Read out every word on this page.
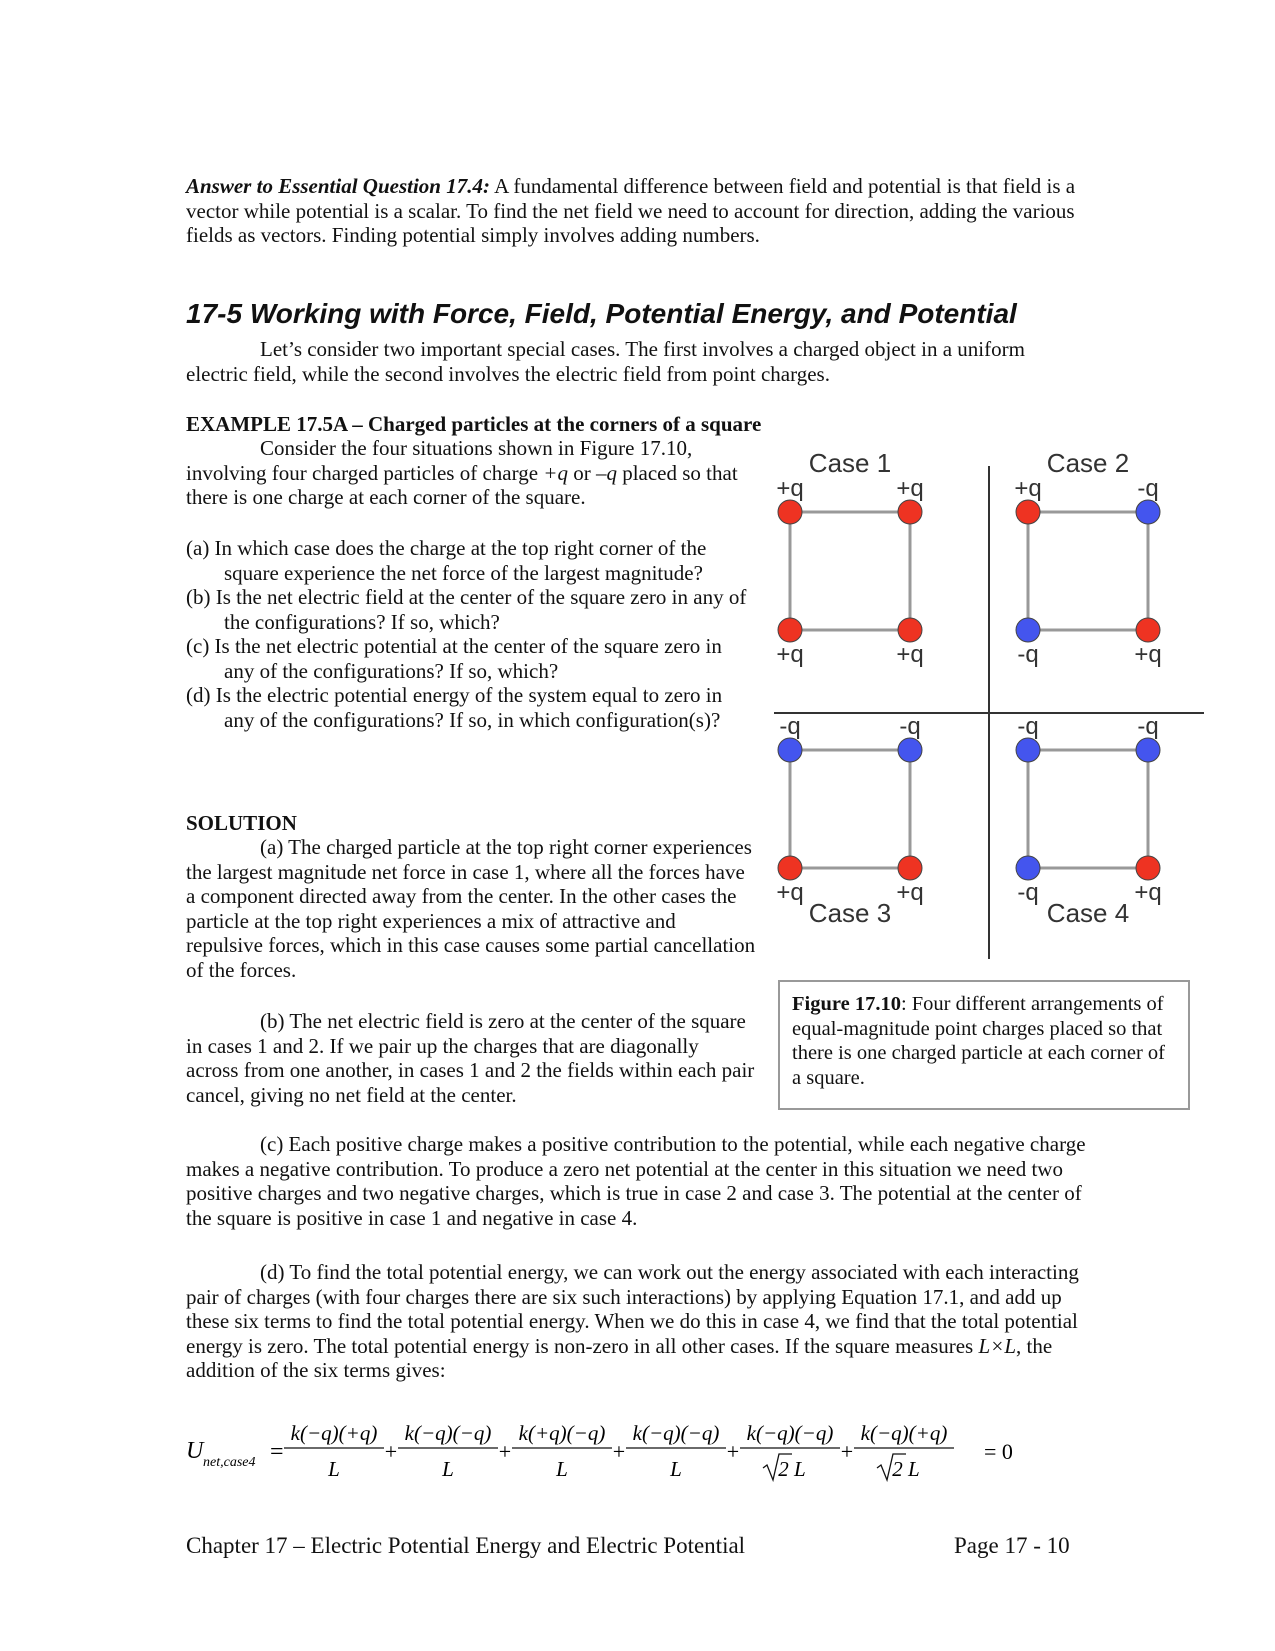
Answer to Essential Question 17.4: A fundamental difference between field and potential is that field is a vector while potential is a scalar. To find the net field we need to account for direction, adding the various fields as vectors. Finding potential simply involves adding numbers.

17-5 Working with Force, Field, Potential Energy, and Potential

Let’s consider two important special cases. The first involves a charged object in a uniform electric field, while the second involves the electric field from point charges.

EXAMPLE 17.5A – Charged particles at the corners of a square

Consider the four situations shown in Figure 17.10, involving four charged particles of charge +q or –q placed so that there is one charge at each corner of the square.

(a) In which case does the charge at the top right corner of the square experience the net force of the largest magnitude?
(b) Is the net electric field at the center of the square zero in any of the configurations? If so, which?
(c) Is the net electric potential at the center of the square zero in any of the configurations? If so, which?
(d) Is the electric potential energy of the system equal to zero in any of the configurations? If so, in which configuration(s)?

SOLUTION

(a) The charged particle at the top right corner experiences the largest magnitude net force in case 1, where all the forces have a component directed away from the center. In the other cases the particle at the top right experiences a mix of attractive and repulsive forces, which in this case causes some partial cancellation of the forces.

(b) The net electric field is zero at the center of the square in cases 1 and 2. If we pair up the charges that are diagonally across from one another, in cases 1 and 2 the fields within each pair cancel, giving no net field at the center.

(c) Each positive charge makes a positive contribution to the potential, while each negative charge makes a negative contribution. To produce a zero net potential at the center in this situation we need two positive charges and two negative charges, which is true in case 2 and case 3. The potential at the center of the square is positive in case 1 and negative in case 4.

(d) To find the total potential energy, we can work out the energy associated with each interacting pair of charges (with four charges there are six such interactions) by applying Equation 17.1, and add up these six terms to find the total potential energy. When we do this in case 4, we find that the total potential energy is zero. The total potential energy is non-zero in all other cases. If the square measures L×L, the addition of the six terms gives:

+q	+q
+q	+q
Case 1
+q	-q
-q	+q
Case 2
-q	-q
+q	+q
Case 3
-q	-q
-q	+q
Case 4
Figure 17.10: Four different arrangements of equal-magnitude point charges placed so that there is one charged particle at each corner of a square.
U net,case4 =
k(−q)(+q)
L
+
k(−q)(−q)
L
+
k(+q)(−q)
L
+
k(−q)(−q)
L
+
k(−q)(−q)
2 L
+
k(−q)(+q)
2 L
= 0
Chapter 17 – Electric Potential Energy and Electric Potential	Page 17 - 10
